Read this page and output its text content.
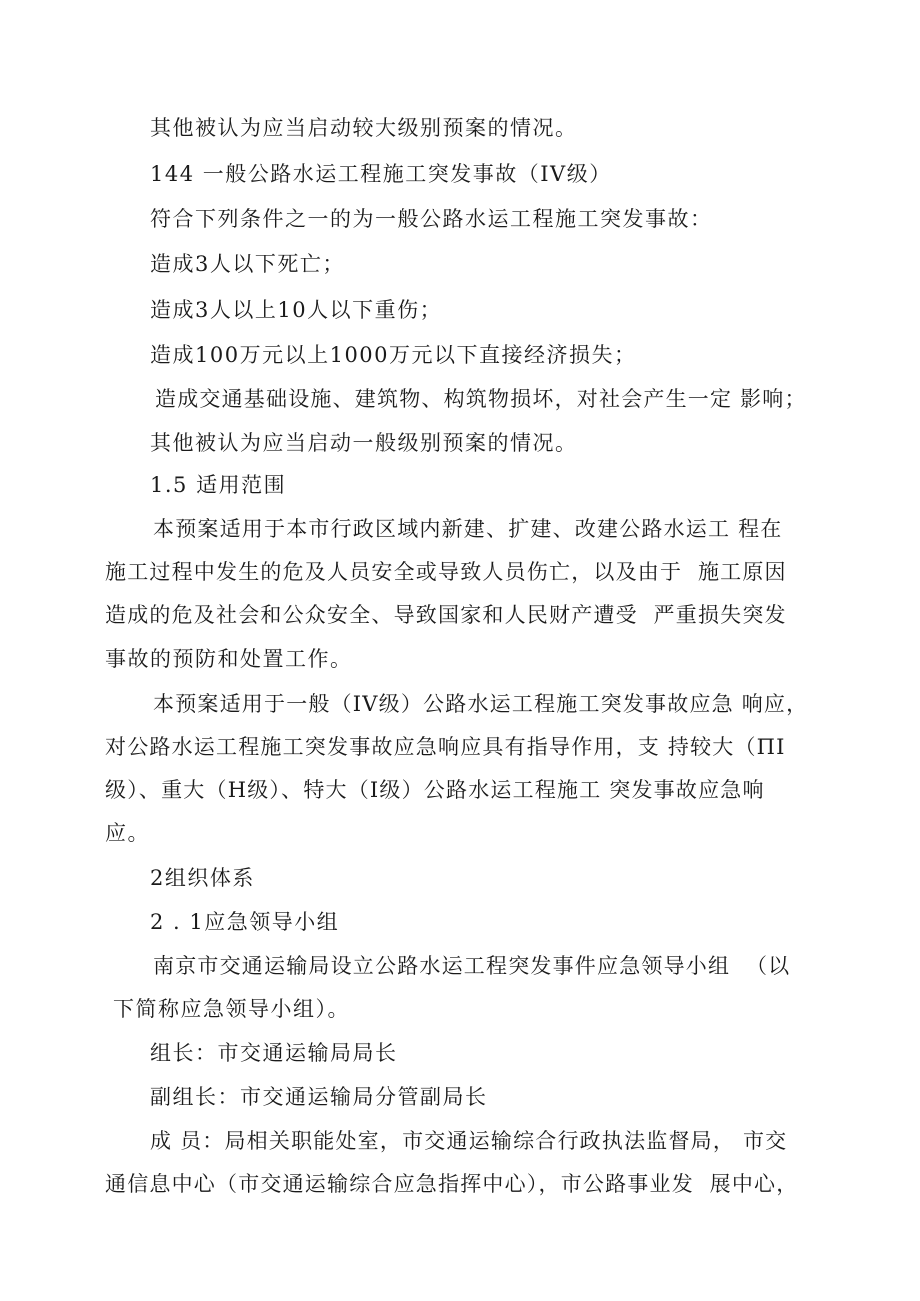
其他被认为应当启动较大级别预案的情况。
144 一般公路水运工程施工突发事故（IV级）
符合下列条件之一的为一般公路水运工程施工突发事故：
造成3人以下死亡；
造成3人以上10人以下重伤；
造成100万元以上1000万元以下直接经济损失；
造成交通基础设施、建筑物、构筑物损坏，对社会产生一定 影响；
其他被认为应当启动一般级别预案的情况。
1.5 适用范围
本预案适用于本市行政区域内新建、扩建、改建公路水运工 程在
施工过程中发生的危及人员安全或导致人员伤亡，以及由于  施工原因
造成的危及社会和公众安全、导致国家和人民财产遭受  严重损失突发
事故的预防和处置工作。
本预案适用于一般（IV级）公路水运工程施工突发事故应急 响应，
对公路水运工程施工突发事故应急响应具有指导作用，支 持较大（ΠI
级）、重大（H级）、特大（I级）公路水运工程施工 突发事故应急响
应。
2组织体系
2 . 1应急领导小组
南京市交通运输局设立公路水运工程突发事件应急领导小组  （以
下简称应急领导小组）。
组长：市交通运输局局长
副组长：市交通运输局分管副局长
成 员：局相关职能处室，市交通运输综合行政执法监督局， 市交
通信息中心（市交通运输综合应急指挥中心），市公路事业发  展中心，
